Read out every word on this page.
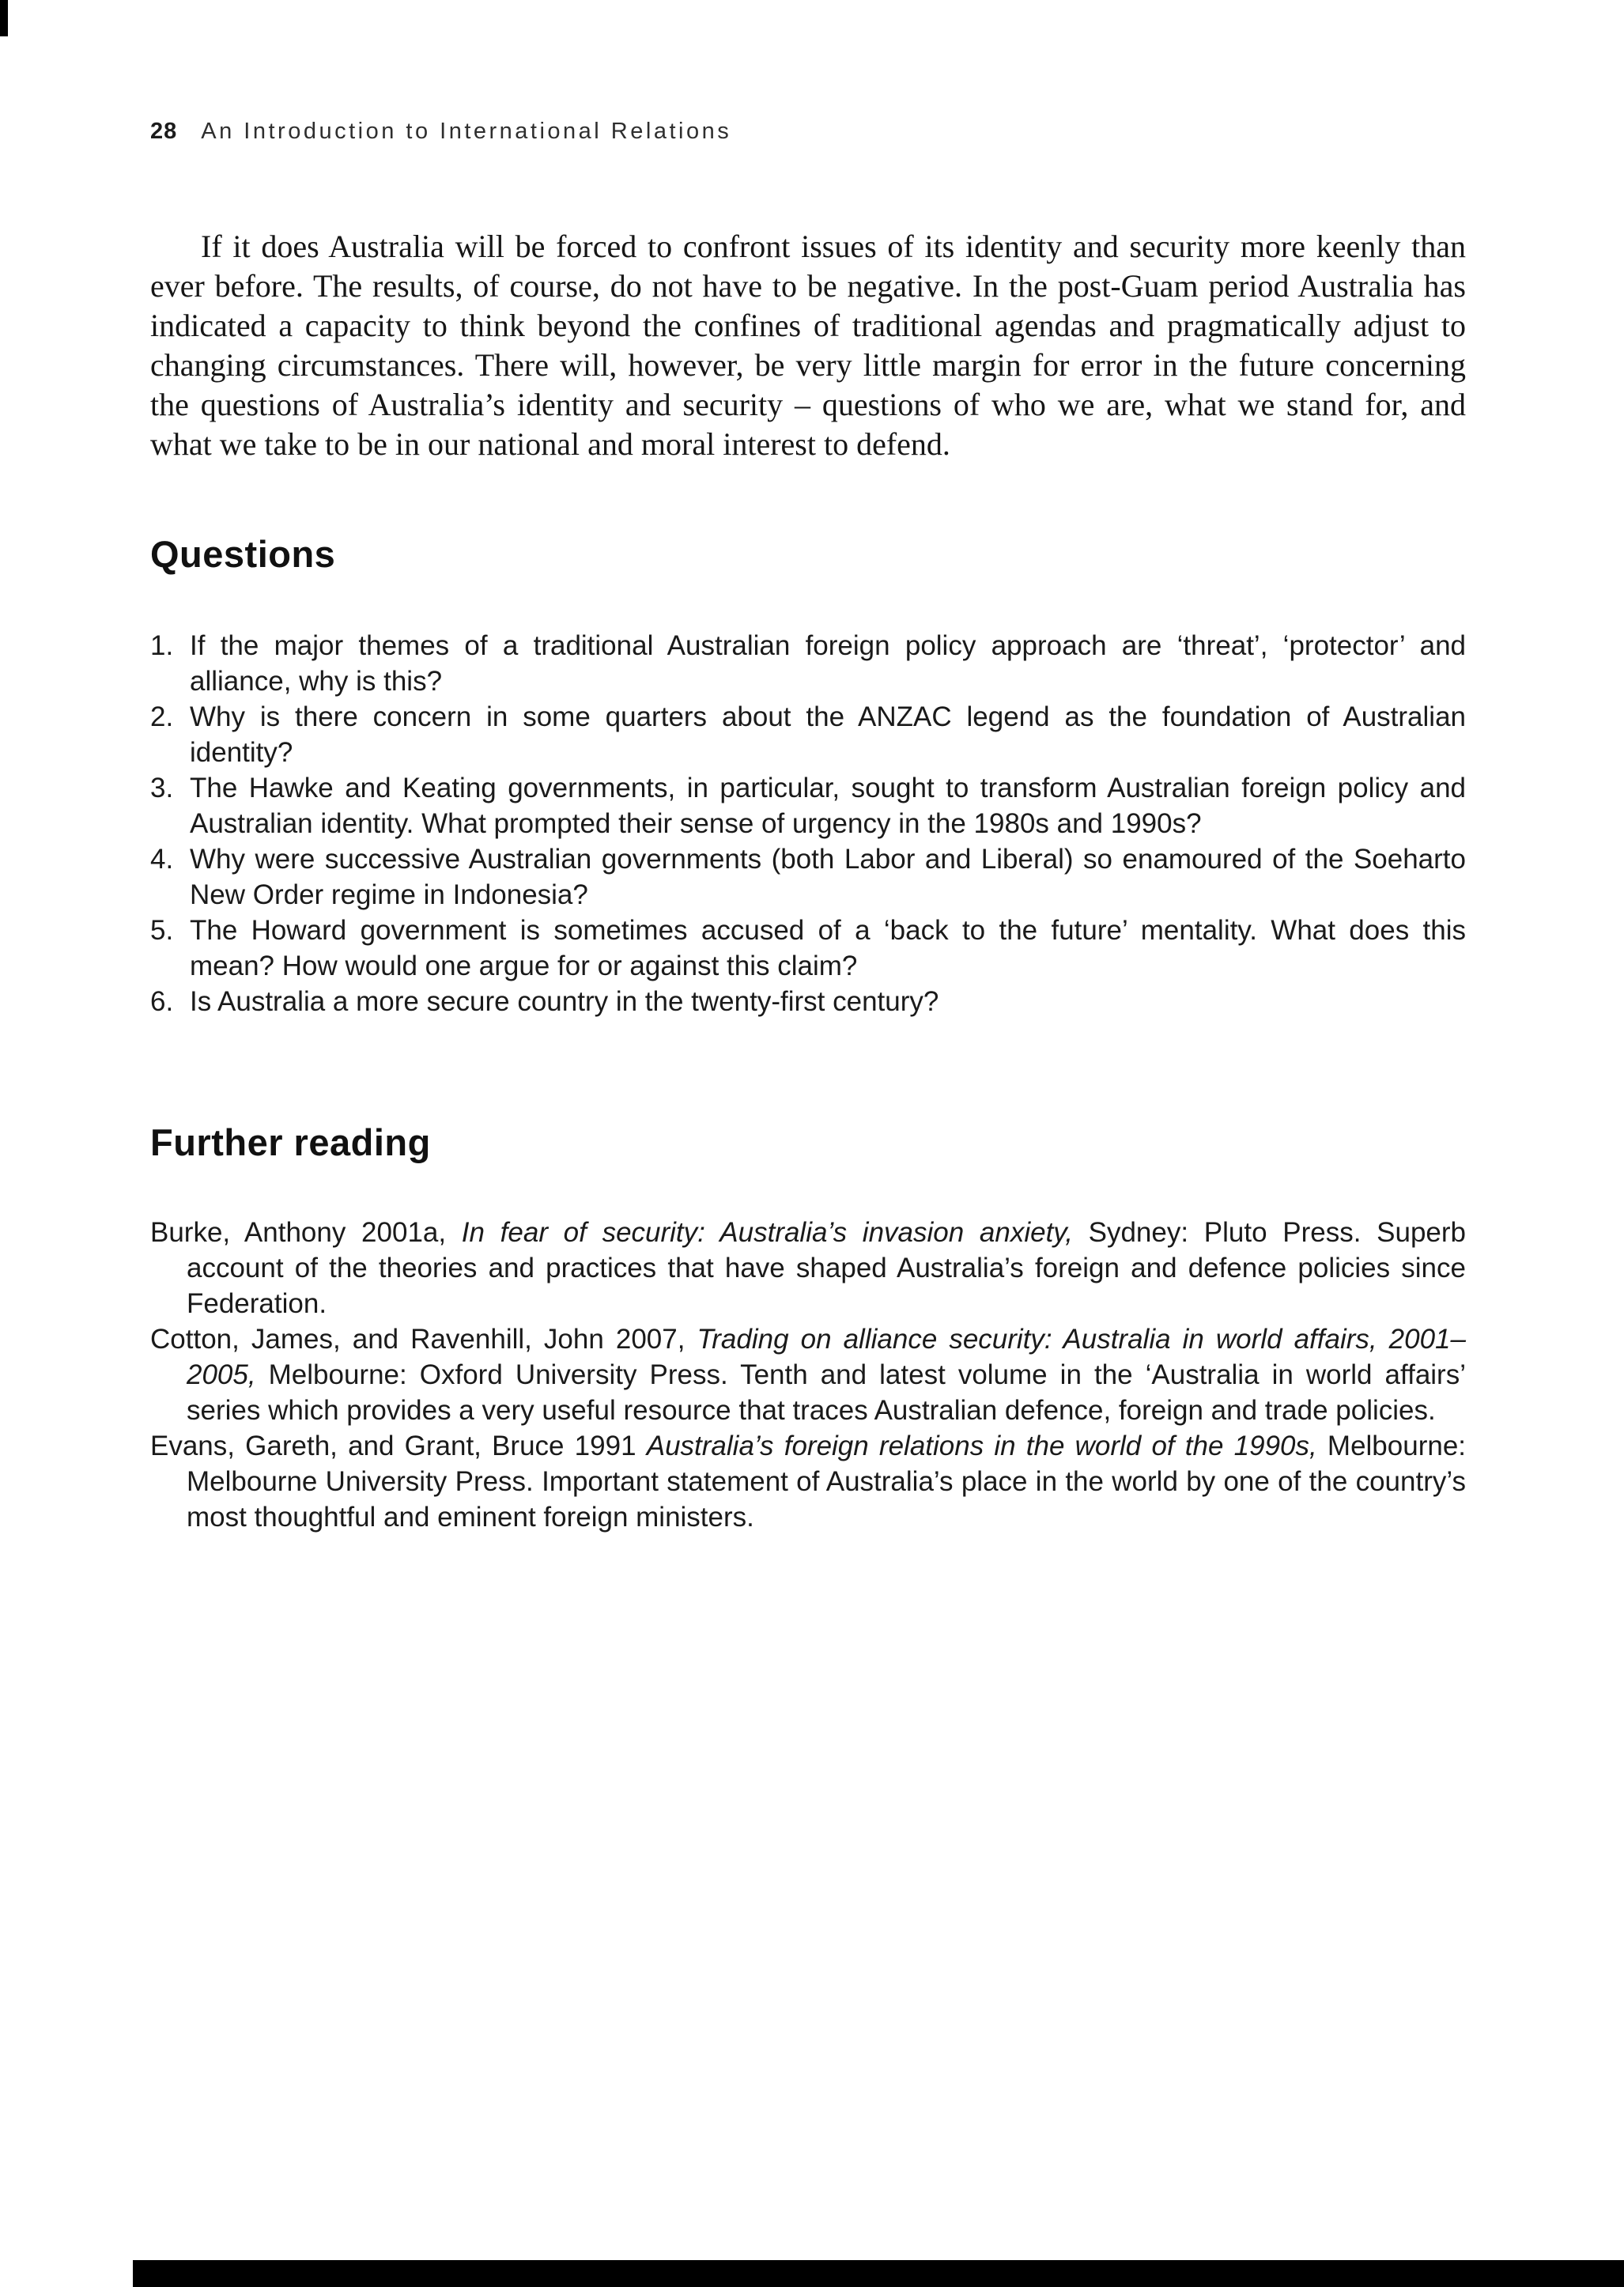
28 An Introduction to International Relations

If it does Australia will be forced to confront issues of its identity and security more keenly than ever before. The results, of course, do not have to be negative. In the post-Guam period Australia has indicated a capacity to think beyond the confines of traditional agendas and pragmatically adjust to changing circumstances. There will, however, be very little margin for error in the future concerning the questions of Australia’s identity and security – questions of who we are, what we stand for, and what we take to be in our national and moral interest to defend.

Questions

1. If the major themes of a traditional Australian foreign policy approach are ‘threat’, ‘protector’ and alliance, why is this?

2. Why is there concern in some quarters about the ANZAC legend as the foundation of Australian identity?

3. The Hawke and Keating governments, in particular, sought to transform Australian foreign policy and Australian identity. What prompted their sense of urgency in the 1980s and 1990s?

4. Why were successive Australian governments (both Labor and Liberal) so enamoured of the Soeharto New Order regime in Indonesia?

5. The Howard government is sometimes accused of a ‘back to the future’ mentality. What does this mean? How would one argue for or against this claim?

6. Is Australia a more secure country in the twenty-first century?

Further reading

Burke, Anthony 2001a, In fear of security: Australia’s invasion anxiety, Sydney: Pluto Press. Superb account of the theories and practices that have shaped Australia’s foreign and defence policies since Federation.

Cotton, James, and Ravenhill, John 2007, Trading on alliance security: Australia in world affairs, 2001–2005, Melbourne: Oxford University Press. Tenth and latest volume in the ‘Australia in world affairs’ series which provides a very useful resource that traces Australian defence, foreign and trade policies.

Evans, Gareth, and Grant, Bruce 1991 Australia’s foreign relations in the world of the 1990s, Melbourne: Melbourne University Press. Important statement of Australia’s place in the world by one of the country’s most thoughtful and eminent foreign ministers.
